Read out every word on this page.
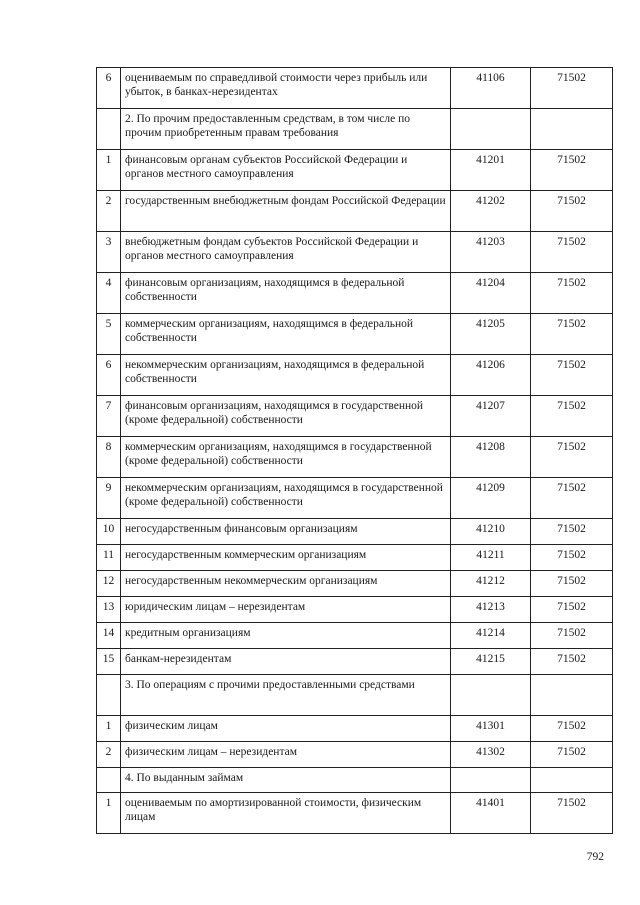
6	оцениваемым по справедливой стоимости через прибыль или убыток, в банках-нерезидентах	41106	71502
	2. По прочим предоставленным средствам, в том числе по прочим приобретенным правам требования		
1	финансовым органам субъектов Российской Федерации и органов местного самоуправления	41201	71502
2	государственным внебюджетным фондам Российской Федерации	41202	71502
3	внебюджетным фондам субъектов Российской Федерации и органов местного самоуправления	41203	71502
4	финансовым организациям, находящимся в федеральной собственности	41204	71502
5	коммерческим организациям, находящимся в федеральной собственности	41205	71502
6	некоммерческим организациям, находящимся в федеральной собственности	41206	71502
7	финансовым организациям, находящимся в государственной (кроме федеральной) собственности	41207	71502
8	коммерческим организациям, находящимся в государственной (кроме федеральной) собственности	41208	71502
9	некоммерческим организациям, находящимся в государственной (кроме федеральной) собственности	41209	71502
10	негосударственным финансовым организациям	41210	71502
11	негосударственным коммерческим организациям	41211	71502
12	негосударственным некоммерческим организациям	41212	71502
13	юридическим лицам – нерезидентам	41213	71502
14	кредитным организациям	41214	71502
15	банкам-нерезидентам	41215	71502
	3. По операциям с прочими предоставленными средствами		
1	физическим лицам	41301	71502
2	физическим лицам – нерезидентам	41302	71502
	4. По выданным займам		
1	оцениваемым по амортизированной стоимости, физическим лицам	41401	71502
792
